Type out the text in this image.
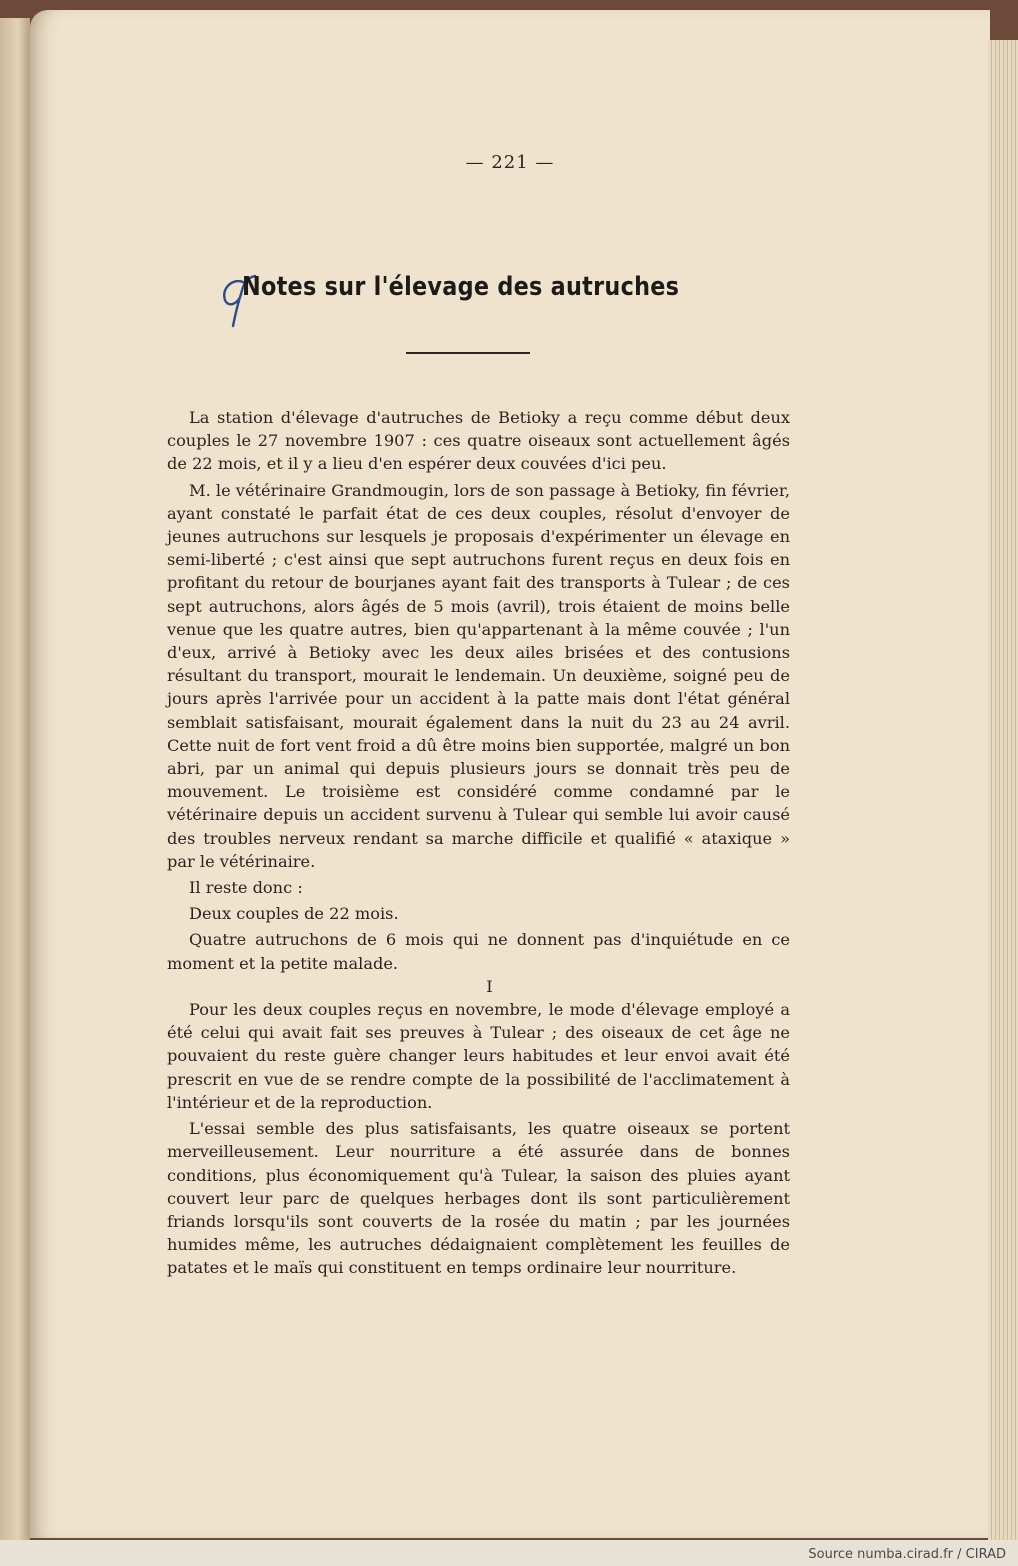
— 221 —
Notes sur l'élevage des autruches

La station d'élevage d'autruches de Betioky a reçu comme début deux couples le 27 novembre 1907 : ces quatre oiseaux sont actuellement âgés de 22 mois, et il y a lieu d'en espérer deux couvées d'ici peu.

M. le vétérinaire Grandmougin, lors de son passage à Betioky, fin février, ayant constaté le parfait état de ces deux couples, résolut d'envoyer de jeunes autruchons sur lesquels je proposais d'expérimenter un élevage en semi-liberté ; c'est ainsi que sept autruchons furent reçus en deux fois en profitant du retour de bourjanes ayant fait des transports à Tulear ; de ces sept autruchons, alors âgés de 5 mois (avril), trois étaient de moins belle venue que les quatre autres, bien qu'appartenant à la même couvée ; l'un d'eux, arrivé à Betioky avec les deux ailes brisées et des contusions résultant du transport, mourait le lendemain. Un deuxième, soigné peu de jours après l'arrivée pour un accident à la patte mais dont l'état général semblait satisfaisant, mourait également dans la nuit du 23 au 24 avril. Cette nuit de fort vent froid a dû être moins bien supportée, malgré un bon abri, par un animal qui depuis plusieurs jours se donnait très peu de mouvement. Le troisième est considéré comme condamné par le vétérinaire depuis un accident survenu à Tulear qui semble lui avoir causé des troubles nerveux rendant sa marche difficile et qualifié « ataxique » par le vétérinaire.

Il reste donc :

Deux couples de 22 mois.

Quatre autruchons de 6 mois qui ne donnent pas d'inquiétude en ce moment et la petite malade.

I

Pour les deux couples reçus en novembre, le mode d'élevage employé a été celui qui avait fait ses preuves à Tulear ; des oiseaux de cet âge ne pouvaient du reste guère changer leurs habitudes et leur envoi avait été prescrit en vue de se rendre compte de la possibilité de l'acclimatement à l'intérieur et de la reproduction.

L'essai semble des plus satisfaisants, les quatre oiseaux se portent merveilleusement. Leur nourriture a été assurée dans de bonnes conditions, plus économiquement qu'à Tulear, la saison des pluies ayant couvert leur parc de quelques herbages dont ils sont particulièrement friands lorsqu'ils sont couverts de la rosée du matin ; par les journées humides même, les autruches dédaignaient complètement les feuilles de patates et le maïs qui constituent en temps ordinaire leur nourriture.

Source numba.cirad.fr / CIRAD
